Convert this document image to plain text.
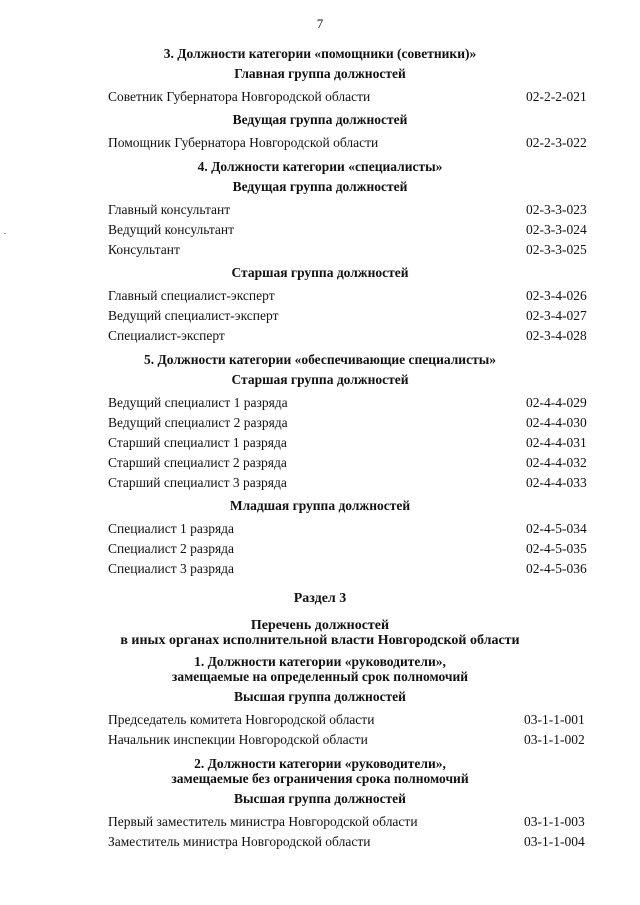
7
3. Должности категории «помощники (советники)»
Главная группа должностей
Советник Губернатора Новгородской области	02-2-2-021
Ведущая группа должностей
Помощник Губернатора Новгородской области	02-2-3-022
4. Должности категории «специалисты»
Ведущая группа должностей
Главный консультант	02-3-3-023
Ведущий консультант	02-3-3-024
Консультант	02-3-3-025
Старшая группа должностей
Главный специалист-эксперт	02-3-4-026
Ведущий специалист-эксперт	02-3-4-027
Специалист-эксперт	02-3-4-028
5. Должности категории «обеспечивающие специалисты»
Старшая группа должностей
Ведущий специалист 1 разряда	02-4-4-029
Ведущий специалист 2 разряда	02-4-4-030
Старший специалист 1 разряда	02-4-4-031
Старший специалист 2 разряда	02-4-4-032
Старший специалист 3 разряда	02-4-4-033
Младшая группа должностей
Специалист 1 разряда	02-4-5-034
Специалист 2 разряда	02-4-5-035
Специалист 3 разряда	02-4-5-036
Раздел 3
Перечень должностей
в иных органах исполнительной власти Новгородской области
1. Должности категории «руководители»,
замещаемые на определенный срок полномочий
Высшая группа должностей
Председатель комитета Новгородской области	03-1-1-001
Начальник инспекции Новгородской области	03-1-1-002
2. Должности категории «руководители»,
замещаемые без ограничения срока полномочий
Высшая группа должностей
Первый заместитель министра Новгородской области	03-1-1-003
Заместитель министра Новгородской области	03-1-1-004
